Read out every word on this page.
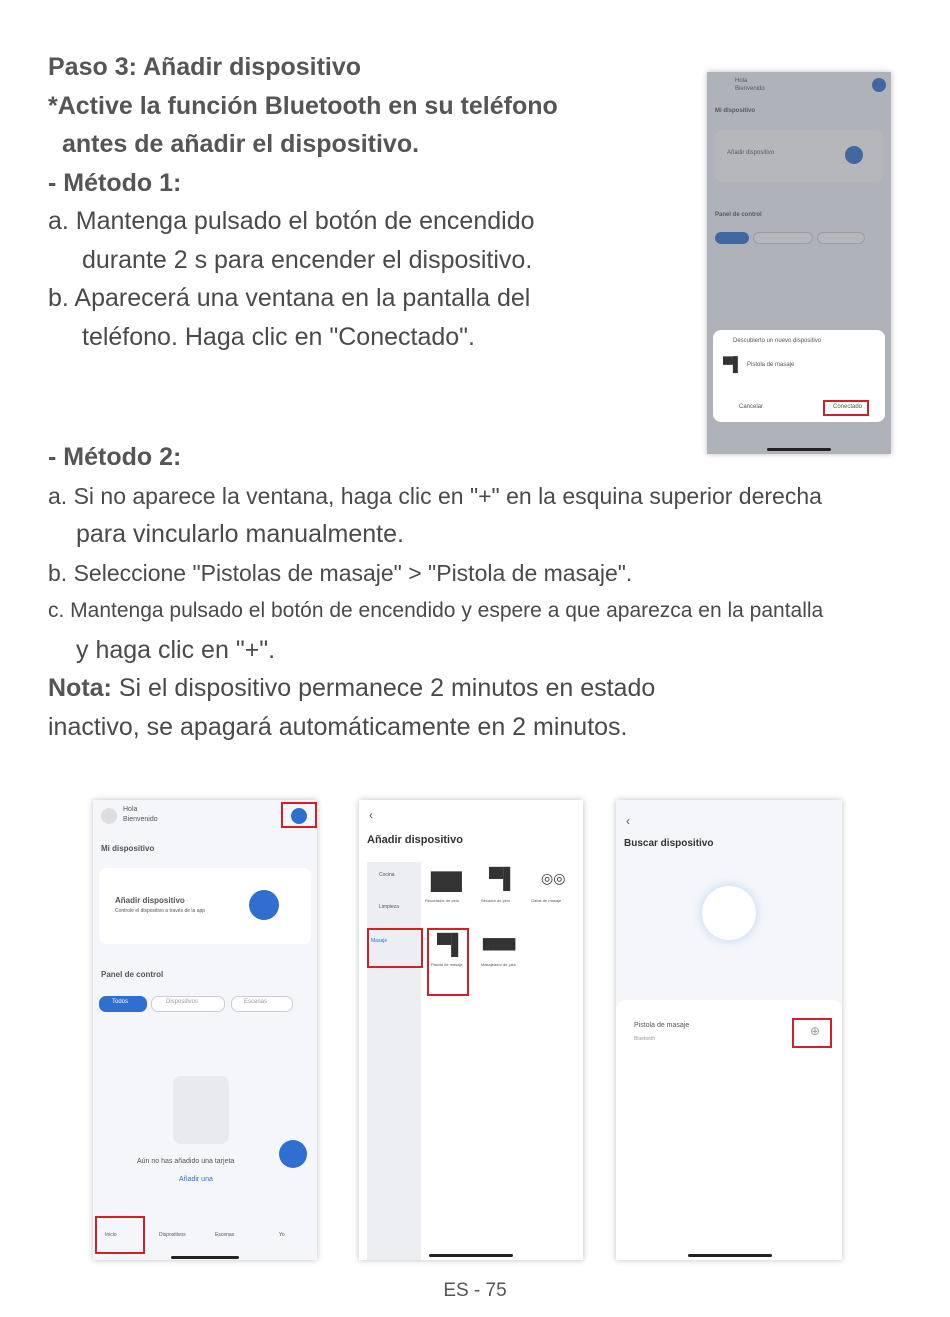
Paso 3: Añadir dispositivo
*Active la función Bluetooth en su teléfono
antes de añadir el dispositivo.
- Método 1:
a. Mantenga pulsado el botón de encendido
durante 2 s para encender el dispositivo.
b. Aparecerá una ventana en la pantalla del
teléfono. Haga clic en "Conectado".
Hola
Bienvenido
Mi dispositivo
Añadir dispositivo
Panel de control
Descubierto un nuevo dispositivo
▀▌ Pistola de masaje
Cancelar	Conectado
- Método 2:
a. Si no aparece la ventana, haga clic en "+" en la esquina superior derecha
para vincularlo manualmente.
b. Seleccione "Pistolas de masaje" > "Pistola de masaje".
c. Mantenga pulsado el botón de encendido y espere a que aparezca en la pantalla
y haga clic en "+".
Nota: Si el dispositivo permanece 2 minutos en estado
inactivo, se apagará automáticamente en 2 minutos.
Hola
Bienvenido
Mi dispositivo
Añadir dispositivo
Controle el dispositivo a través de la app
Panel de control
Todos	Dispositivos	Escenas
Aún no has añadido una tarjeta
Añadir una
Inicio	Dispositivos	Escenas	Yo
‹
Añadir dispositivo
Cocina
Limpieza
Masaje
▇▇
Recortador de pelo
▀▌
Secador de pelo
◎◎
Gafas de masaje
▀▌
Pistola de masaje
▆▆▆
Masajeador de pies
‹
Buscar dispositivo
Pistola de masaje
Bluetooth
⊕
ES - 75
